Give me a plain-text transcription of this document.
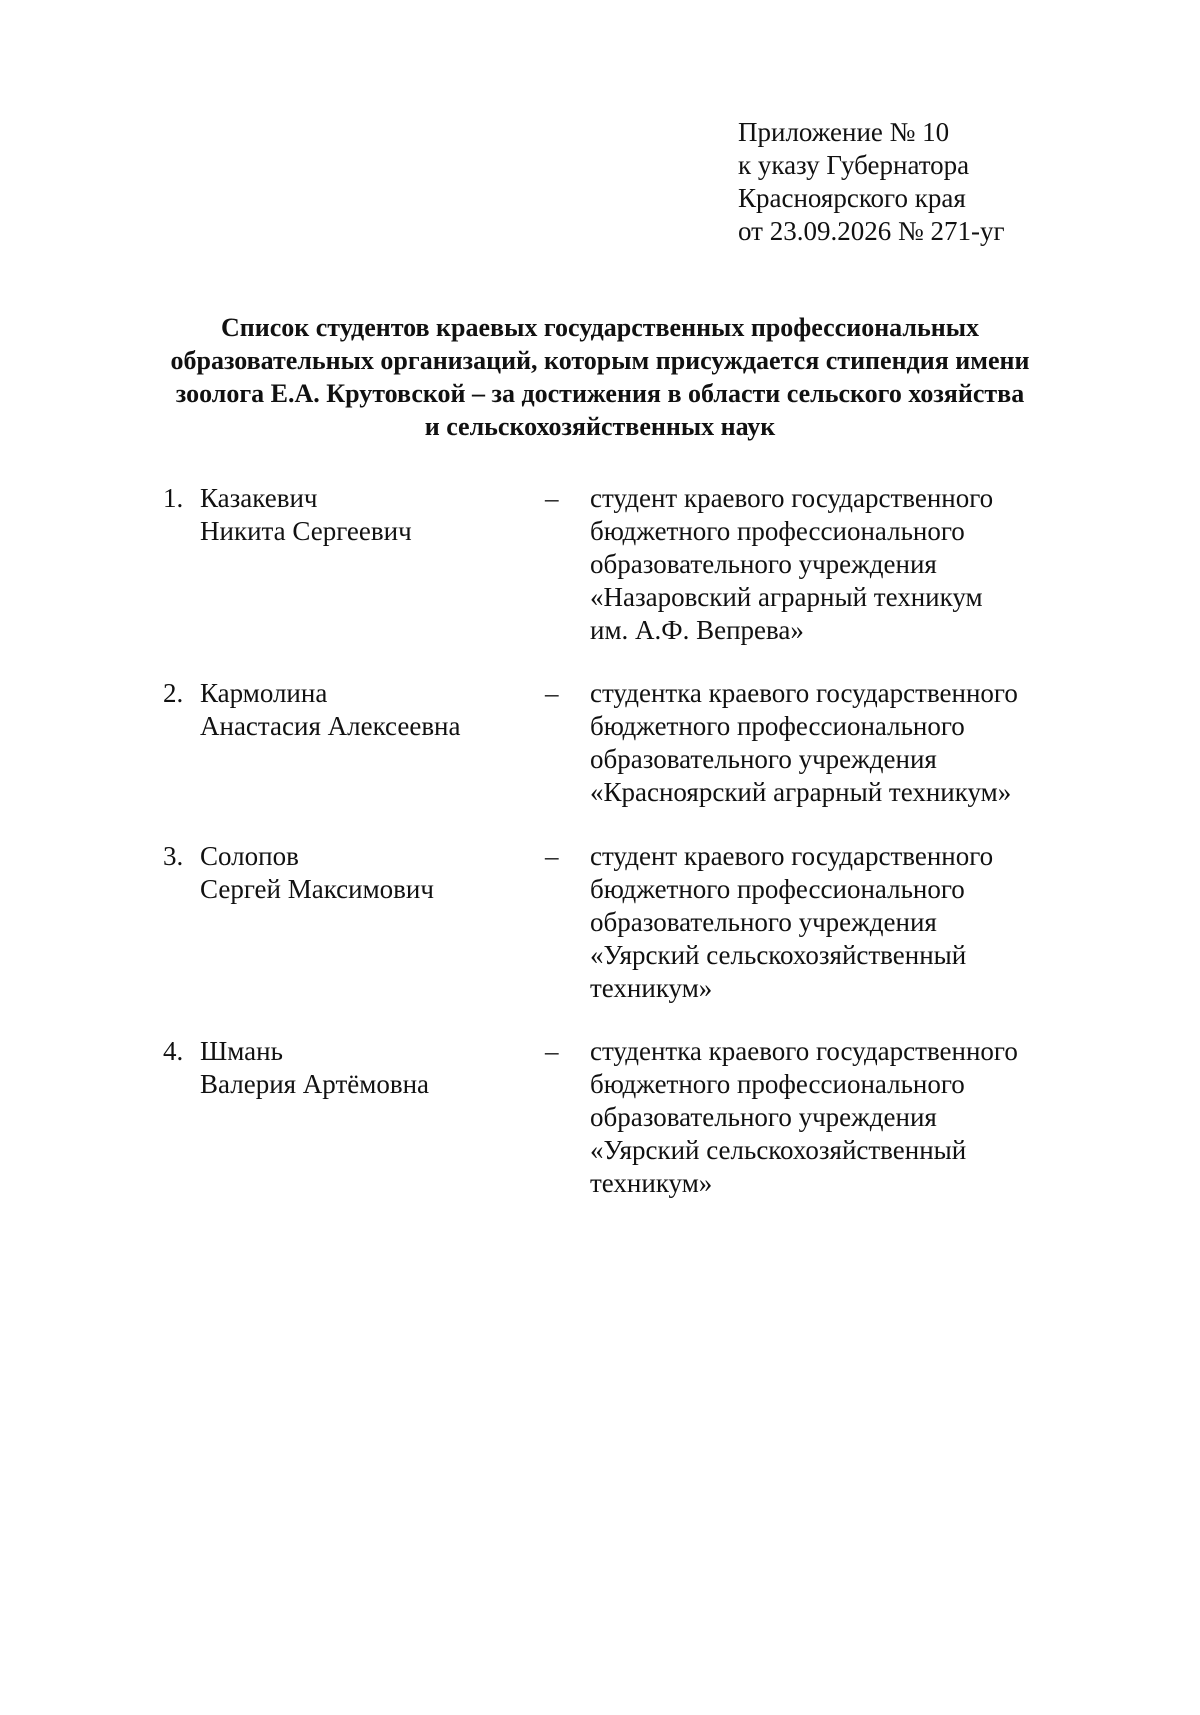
Приложение № 10
к указу Губернатора
Красноярского края
от 23.09.2026 № 271-уг
Список студентов краевых государственных профессиональных
образовательных организаций, которым присуждается стипендия имени
зоолога Е.А. Крутовской – за достижения в области сельского хозяйства
и сельскохозяйственных наук
1. Казакевич
Никита Сергеевич
– студент краевого государственного
бюджетного профессионального
образовательного учреждения
«Назаровский аграрный техникум
им. А.Ф. Вепрева»
2. Кармолина
Анастасия Алексеевна
– студентка краевого государственного
бюджетного профессионального
образовательного учреждения
«Красноярский аграрный техникум»
3. Солопов
Сергей Максимович
– студент краевого государственного
бюджетного профессионального
образовательного учреждения
«Уярский сельскохозяйственный
техникум»
4. Шмань
Валерия Артёмовна
– студентка краевого государственного
бюджетного профессионального
образовательного учреждения
«Уярский сельскохозяйственный
техникум»
